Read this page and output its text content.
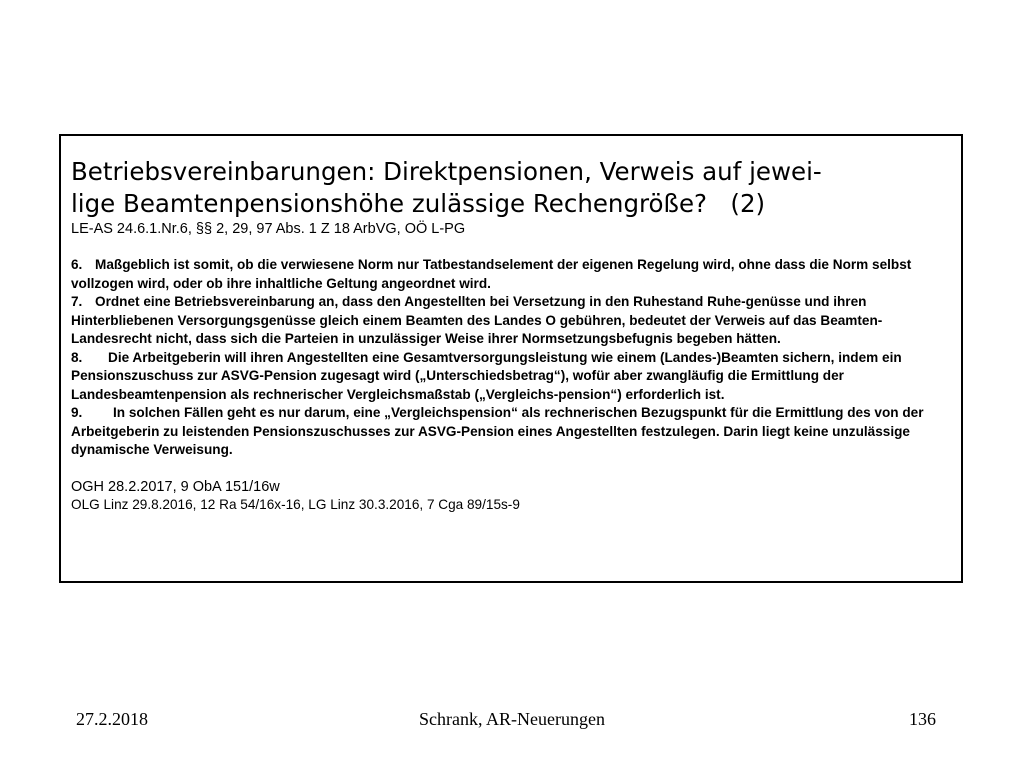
Betriebsvereinbarungen: Direktpensionen, Verweis auf jewei-
lige Beamtenpensionshöhe zulässige Rechengröße?   (2)

LE-AS 24.6.1.Nr.6, §§ 2, 29, 97 Abs. 1 Z 18 ArbVG, OÖ L-PG

6. Maßgeblich ist somit, ob die verwiesene Norm nur Tatbestandselement der eigenen Regelung wird, ohne dass die Norm selbst vollzogen wird, oder ob ihre inhaltliche Geltung angeordnet wird.

7. Ordnet eine Betriebsvereinbarung an, dass den Angestellten bei Versetzung in den Ruhestand Ruhe-genüsse und ihren Hinterbliebenen Versorgungsgenüsse gleich einem Beamten des Landes O gebühren, bedeutet der Verweis auf das Beamten-Landesrecht nicht, dass sich die Parteien in unzulässiger Weise ihrer Normsetzungsbefugnis begeben hätten.

8. Die Arbeitgeberin will ihren Angestellten eine Gesamtversorgungsleistung wie einem (Landes-)Beamten sichern, indem ein Pensionszuschuss zur ASVG-Pension zugesagt wird („Unterschiedsbetrag“), wofür aber zwangläufig die Ermittlung der Landesbeamtenpension als rechnerischer Vergleichsmaßstab („Vergleichs-pension“) erforderlich ist.

9. In solchen Fällen geht es nur darum, eine „Vergleichspension“ als rechnerischen Bezugspunkt für die Ermittlung des von der Arbeitgeberin zu leistenden Pensionszuschusses zur ASVG-Pension eines Angestellten festzulegen. Darin liegt keine unzulässige dynamische Verweisung.

OGH 28.2.2017, 9 ObA 151/16w

OLG Linz 29.8.2016, 12 Ra 54/16x-16, LG Linz 30.3.2016, 7 Cga 89/15s-9

27.2.2018	Schrank, AR-Neuerungen	136
